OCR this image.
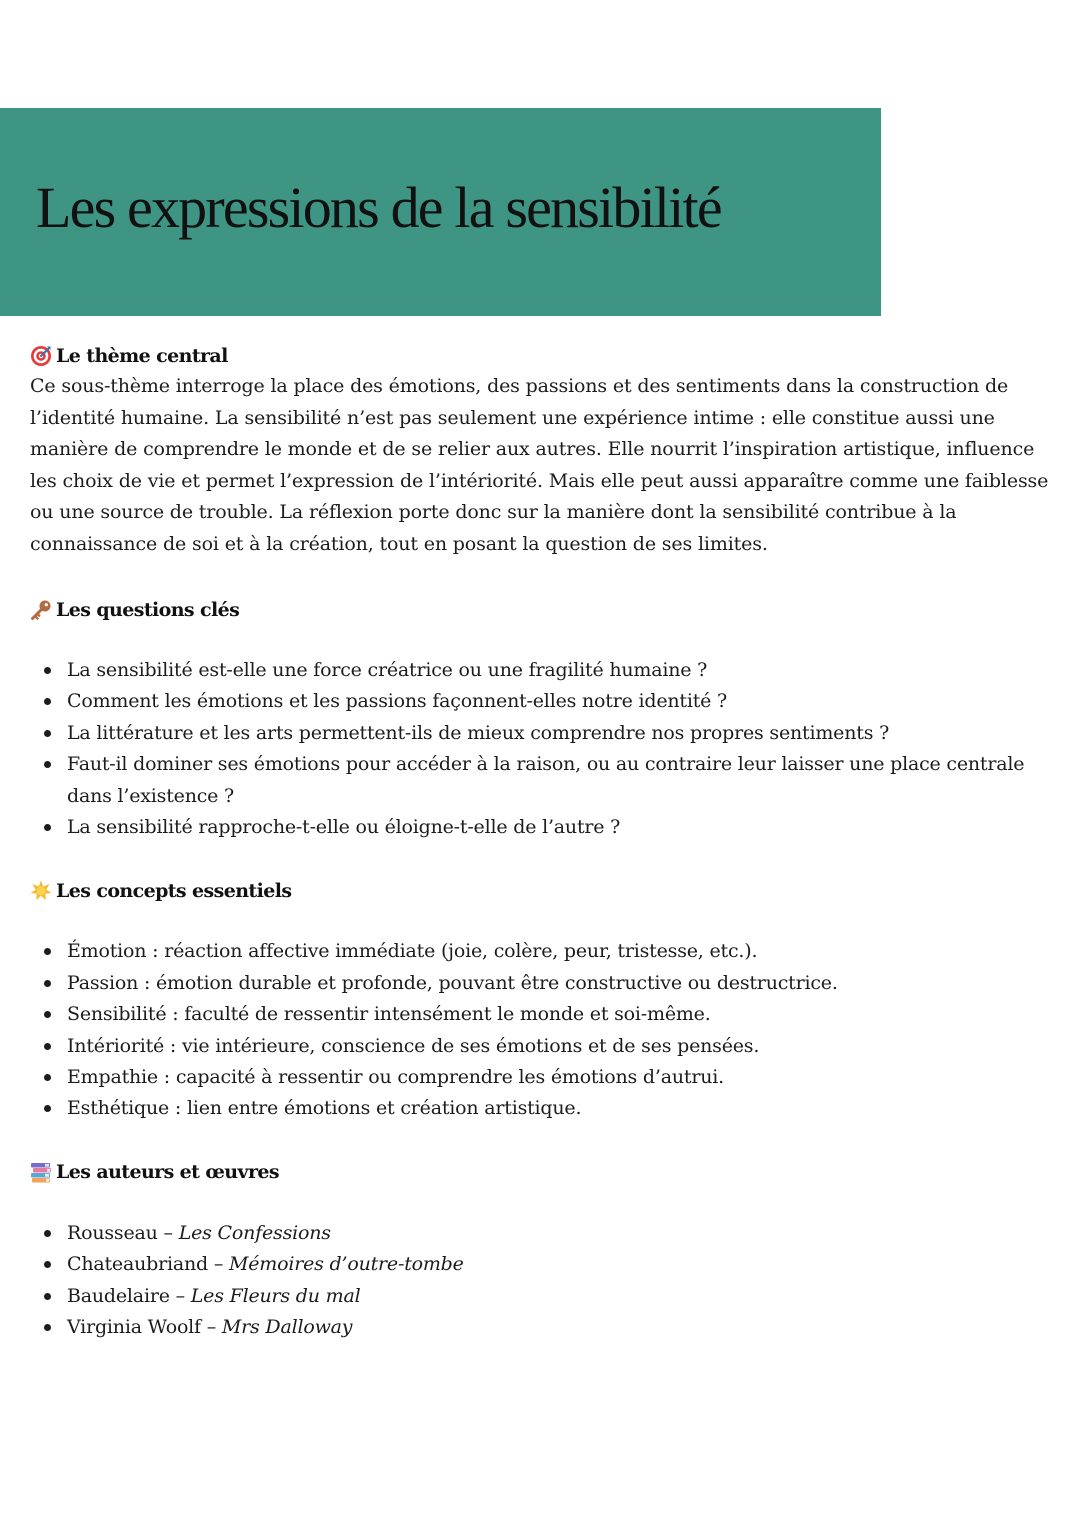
Les expressions de la sensibilité
Le thème central

Ce sous-thème interroge la place des émotions, des passions et des sentiments dans la construction de l’identité humaine. La sensibilité n’est pas seulement une expérience intime : elle constitue aussi une manière de comprendre le monde et de se relier aux autres. Elle nourrit l’inspiration artistique, influence les choix de vie et permet l’expression de l’intériorité. Mais elle peut aussi apparaître comme une faiblesse ou une source de trouble. La réflexion porte donc sur la manière dont la sensibilité contribue à la connaissance de soi et à la création, tout en posant la question de ses limites.

Les questions clés
La sensibilité est-elle une force créatrice ou une fragilité humaine ?
Comment les émotions et les passions façonnent-elles notre identité ?
La littérature et les arts permettent-ils de mieux comprendre nos propres sentiments ?
Faut-il dominer ses émotions pour accéder à la raison, ou au contraire leur laisser une place centrale dans l’existence ?
La sensibilité rapproche-t-elle ou éloigne-t-elle de l’autre ?
Les concepts essentiels
Émotion : réaction affective immédiate (joie, colère, peur, tristesse, etc.).
Passion : émotion durable et profonde, pouvant être constructive ou destructrice.
Sensibilité : faculté de ressentir intensément le monde et soi-même.
Intériorité : vie intérieure, conscience de ses émotions et de ses pensées.
Empathie : capacité à ressentir ou comprendre les émotions d’autrui.
Esthétique : lien entre émotions et création artistique.
Les auteurs et œuvres
Rousseau – Les Confessions
Chateaubriand – Mémoires d’outre-tombe
Baudelaire – Les Fleurs du mal
Virginia Woolf – Mrs Dalloway
